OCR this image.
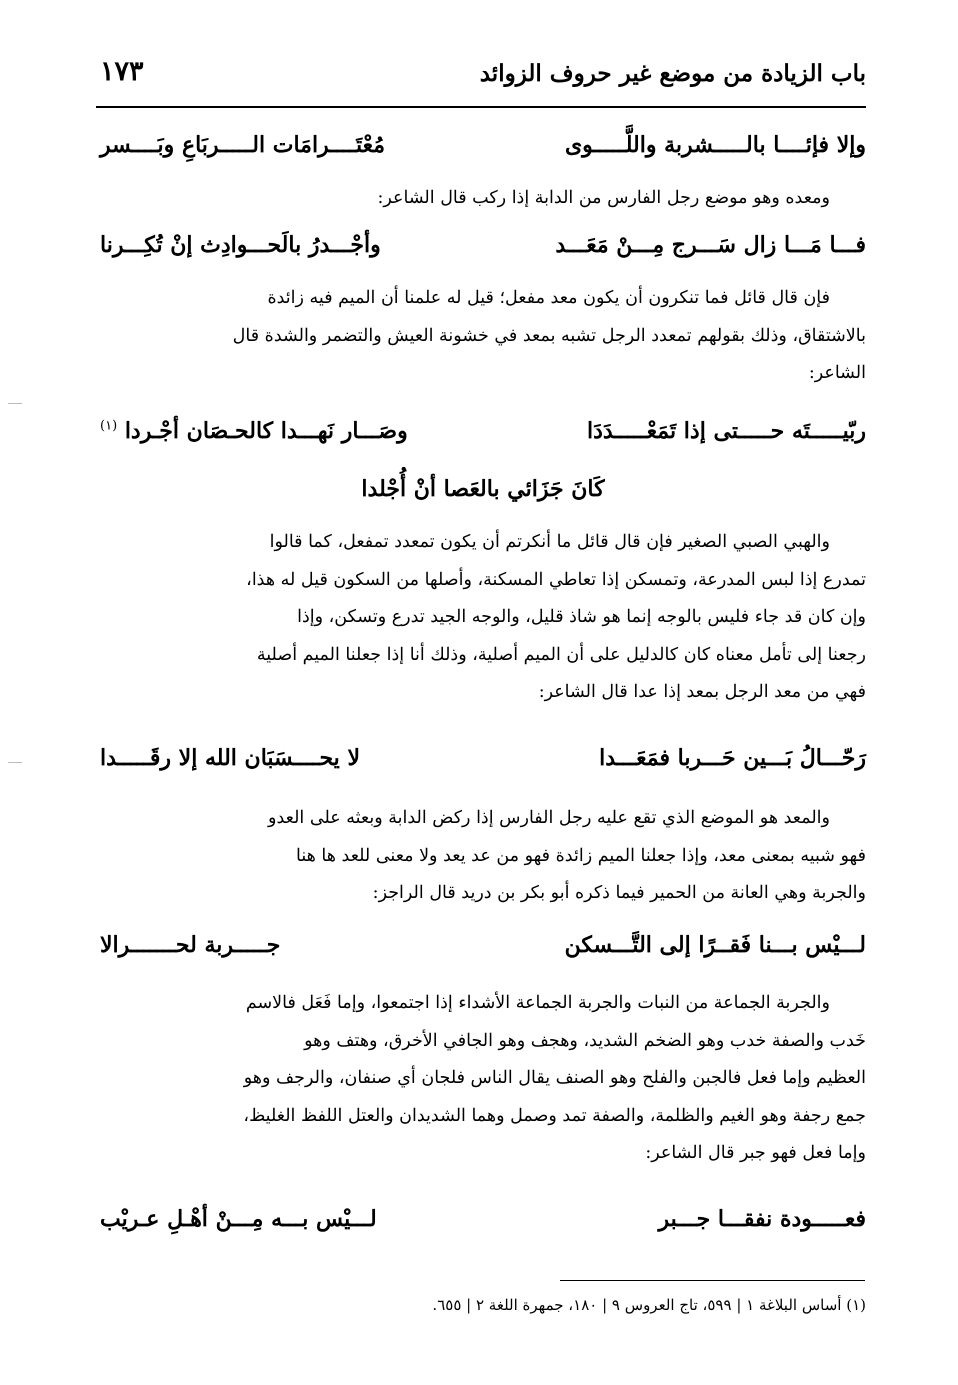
باب الزيادة من موضع غير حروف الزوائد
١٧٣
وإلا فإئــــا بالـــــشربة واللَّـــــوى
مُعْتَــــرامَات الـــــربَاعِ وبَــــسر

ومعده وهو موضع رجل الفارس من الدابة إذا ركب قال الشاعر:

فـــا مَـــا زال سَـــرج مِـــنْ مَعَـــد
وأجْـــدرُ بالَحـــوادِث إنْ تُكِـــرنا

فإن قال قائل فما تنكرون أن يكون معد مفعل؛ قيل له علمنا أن الميم فيه زائدة

بالاشتقاق، وذلك بقولهم تمعدد الرجل تشبه بمعد في خشونة العيش والتضمر والشدة قال

الشاعر:

ربّيـــــتَه حـــــتى إذا تَمَعْـــــدَدَا
وصَـــار نَهـــدا كالحـصَان أجْـردا $^{(١)}$
كَانَ جَزَائي بالعَصا أنْ أُجْلدا

والهبي الصبي الصغير فإن قال قائل ما أنكرتم أن يكون تمعدد تمفعل، كما قالوا

تمدرع إذا لبس المدرعة، وتمسكن إذا تعاطي المسكنة، وأصلها من السكون قيل له هذا،

وإن كان قد جاء فليس بالوجه إنما هو شاذ قليل، والوجه الجيد تدرع وتسكن، وإذا

رجعنا إلى تأمل معناه كان كالدليل على أن الميم أصلية، وذلك أنا إذا جعلنا الميم أصلية

فهي من معد الرجل بمعد إذا عدا قال الشاعر:

رَحّـــالُ بَـــين حَـــربا فمَعَـــدا
لا يحــــسَبَان الله إلا رقَـــــدا

والمعد هو الموضع الذي تقع عليه رجل الفارس إذا ركض الدابة وبعثه على العدو

فهو شبيه بمعنى معد، وإذا جعلنا الميم زائدة فهو من عد يعد ولا معنى للعد ها هنا

والجربة وهي العانة من الحمير فيما ذكره أبو بكر بن دريد قال الراجز:

لـــيْس بـــنا فَقــرًا إلى التَّـــسكن
جـــــربة لحـــــــرالا

والجربة الجماعة من النبات والجربة الجماعة الأشداء إذا اجتمعوا، وإما فَعَل فالاسم

خَدب والصفة خدب وهو الضخم الشديد، وهجف وهو الجافي الأخرق، وهتف وهو

العظيم وإما فعل فالجبن والفلح وهو الصنف يقال الناس فلجان أي صنفان، والرجف وهو

جمع رجفة وهو الغيم والظلمة، والصفة تمد وصمل وهما الشديدان والعتل اللفظ الغليظ،

وإما فعل فهو جبر قال الشاعر:

فعـــــودة نفقـــا جـــبر
لـــيْس بـــه مِـــنْ أهْـلِ عـريْب
(١) أساس البلاغة ١ | ٥٩٩، تاج العروس ٩ | ١٨٠، جمهرة اللغة ٢ | ٦٥٥.
